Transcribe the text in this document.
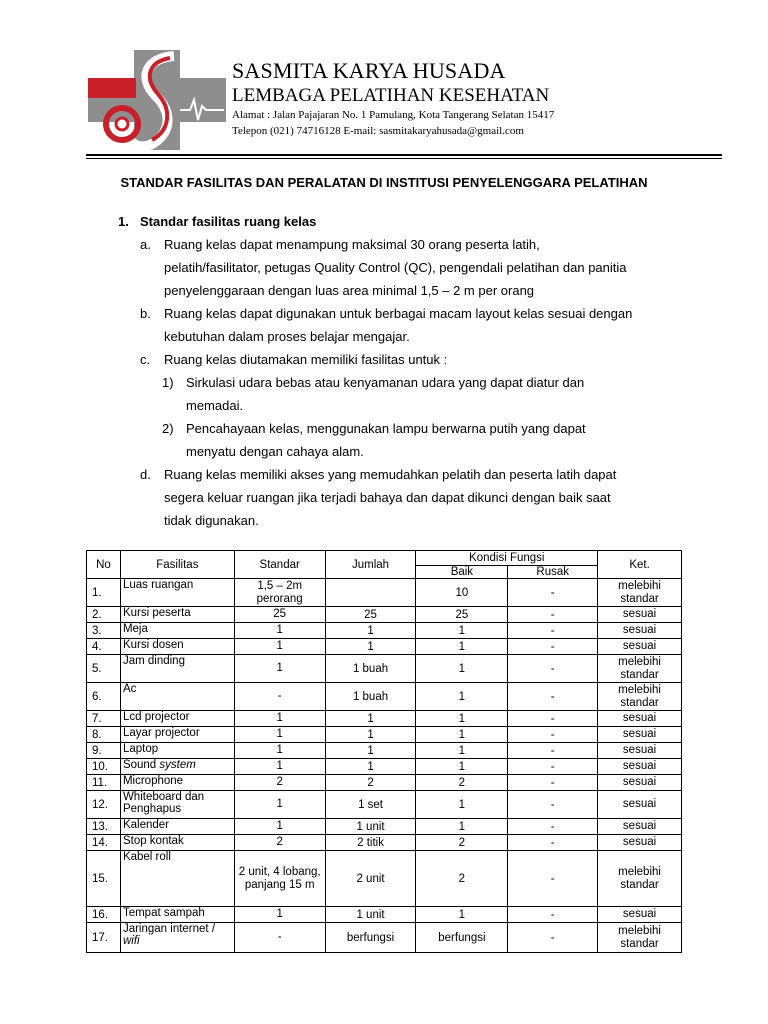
SASMITA KARYA HUSADA
LEMBAGA PELATIHAN KESEHATAN
Alamat : Jalan Pajajaran No. 1 Pamulang, Kota Tangerang Selatan 15417
Telepon (021) 74716128 E-mail: sasmitakaryahusada@gmail.com
STANDAR FASILITAS DAN PERALATAN DI INSTITUSI PENYELENGGARA PELATIHAN
1. Standar fasilitas ruang kelas
a. Ruang kelas dapat menampung maksimal 30 orang peserta latih,
pelatih/fasilitator, petugas Quality Control (QC), pengendali pelatihan dan panitia
penyelenggaraan dengan luas area minimal 1,5 – 2 m per orang
b. Ruang kelas dapat digunakan untuk berbagai macam layout kelas sesuai dengan
kebutuhan dalam proses belajar mengajar.
c. Ruang kelas diutamakan memiliki fasilitas untuk :
1) Sirkulasi udara bebas atau kenyamanan udara yang dapat diatur dan
memadai.
2) Pencahayaan kelas, menggunakan lampu berwarna putih yang dapat
menyatu dengan cahaya alam.
d. Ruang kelas memiliki akses yang memudahkan pelatih dan peserta latih dapat
segera keluar ruangan jika terjadi bahaya dan dapat dikunci dengan baik saat
tidak digunakan.
No	Fasilitas	Standar	Jumlah	Kondisi Fungsi		Ket.
				Baik	Rusak	
1.	Luas ruangan	1,5 – 2m perorang		10	-	melebihi standar
2.	Kursi peserta	25	25	25	-	sesuai
3.	Meja	1	1	1	-	sesuai
4.	Kursi dosen	1	1	1	-	sesuai
5.	Jam dinding	1	1 buah	1	-	melebihi standar
6.	Ac	-	1 buah	1	-	melebihi standar
7.	Lcd projector	1	1	1	-	sesuai
8.	Layar projector	1	1	1	-	sesuai
9.	Laptop	1	1	1	-	sesuai
10.	Sound system	1	1	1	-	sesuai
11.	Microphone	2	2	2	-	sesuai
12.	Whiteboard dan Penghapus	1	1 set	1	-	sesuai
13.	Kalender	1	1 unit	1	-	sesuai
14.	Stop kontak	2	2 titik	2	-	sesuai
15.	Kabel roll	2 unit, 4 lobang, panjang 15 m	2 unit	2	-	melebihi standar
16.	Tempat sampah	1	1 unit	1	-	sesuai
17.	Jaringan internet / wifi	-	berfungsi	berfungsi	-	melebihi standar
